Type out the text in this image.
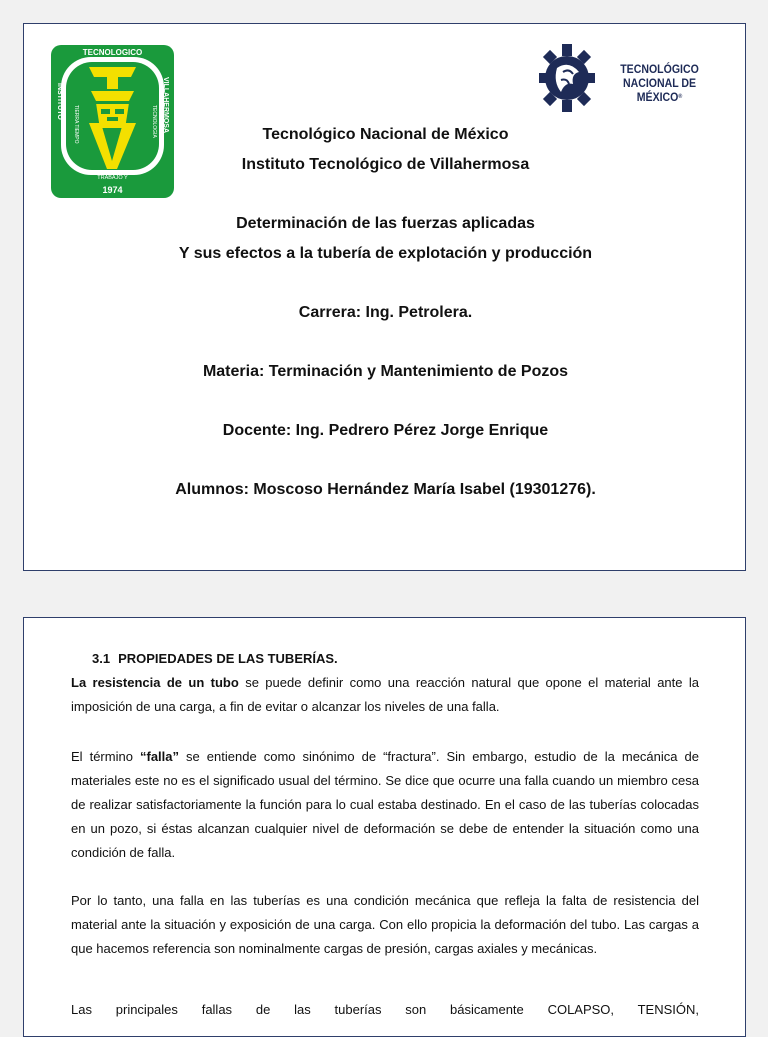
TECNOLOGICO
INSTITUTO	VILLAHERMOSA
TIERRA TIEMPO	TECNOLOGIA
TRABAJO Y
1974
TECNOLÓGICO
NACIONAL DE MÉXICO®
Tecnológico Nacional de México
Instituto Tecnológico de Villahermosa
Determinación de las fuerzas aplicadas
Y sus efectos a la tubería de explotación y producción
Carrera: Ing. Petrolera.
Materia: Terminación y Mantenimiento de Pozos
Docente: Ing. Pedrero Pérez Jorge Enrique
Alumnos: Moscoso Hernández María Isabel (19301276).
3.1 PROPIEDADES DE LAS TUBERÍAS.

La resistencia de un tubo se puede definir como una reacción natural que opone el material ante la imposición de una carga, a fin de evitar o alcanzar los niveles de una falla.

El término “falla” se entiende como sinónimo de “fractura”. Sin embargo, estudio de la mecánica de materiales este no es el significado usual del término. Se dice que ocurre una falla cuando un miembro cesa de realizar satisfactoriamente la función para lo cual estaba destinado. En el caso de las tuberías colocadas en un pozo, si éstas alcanzan cualquier nivel de deformación se debe de entender la situación como una condición de falla.

Por lo tanto, una falla en las tuberías es una condición mecánica que refleja la falta de resistencia del material ante la situación y exposición de una carga. Con ello propicia la deformación del tubo. Las cargas a que hacemos referencia son nominalmente cargas de presión, cargas axiales y mecánicas.

Las principales fallas de las tuberías son básicamente COLAPSO, TENSIÓN,
